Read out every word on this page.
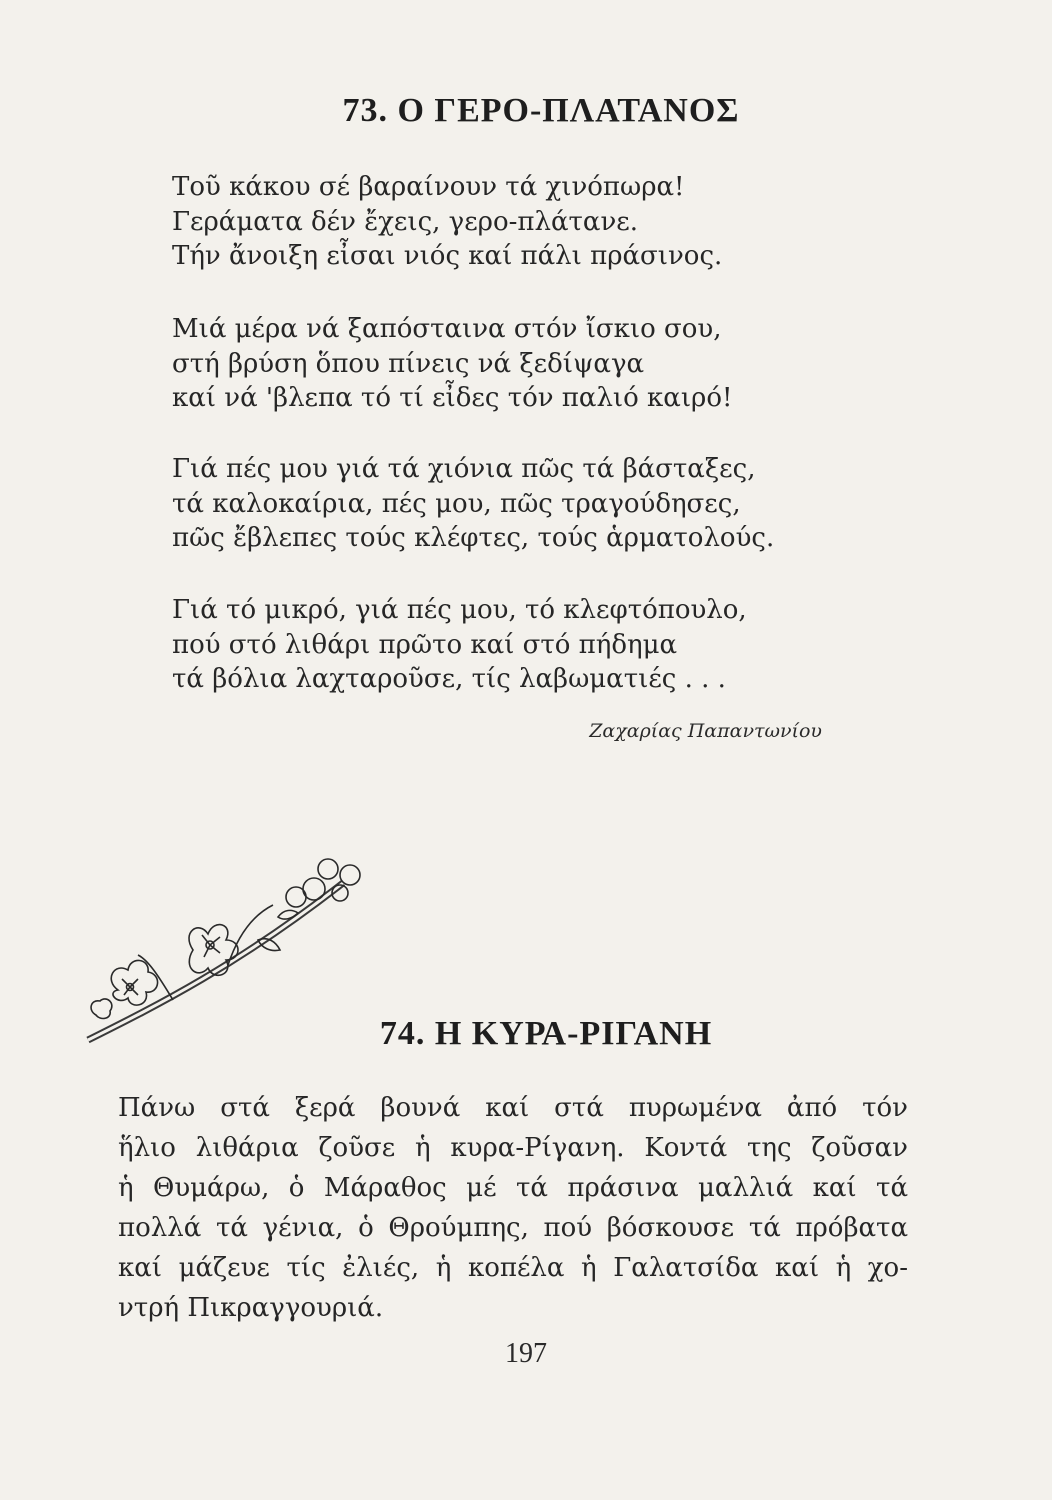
73. Ο ΓΕΡΟ-ΠΛΑΤΑΝΟΣ
Τοῦ κάκου σέ βαραίνουν τά χινόπωρα!
Γεράματα δέν ἔχεις, γερο-πλάτανε.
Τήν ἄνοιξη εἶσαι νιός καί πάλι πράσινος.
Μιά μέρα νά ξαπόσταινα στόν ἴσκιο σου,
στή βρύση ὅπου πίνεις νά ξεδίψαγα
καί νά 'βλεπα τό τί εἶδες τόν παλιό καιρό!
Γιά πές μου γιά τά χιόνια πῶς τά βάσταξες,
τά καλοκαίρια, πές μου, πῶς τραγούδησες,
πῶς ἔβλεπες τούς κλέφτες, τούς ἁρματολούς.
Γιά τό μικρό, γιά πές μου, τό κλεφτόπουλο,
πού στό λιθάρι πρῶτο καί στό πήδημα
τά βόλια λαχταροῦσε, τίς λαβωματιές . . .
Ζαχαρίας Παπαντωνίου
74. Η ΚΥΡΑ-ΡΙΓΑΝΗ
Πάνω στά ξερά βουνά καί στά πυρωμένα ἀπό τόν
ἥλιο λιθάρια ζοῦσε ἡ κυρα-Ρίγανη. Κοντά της ζοῦσαν
ἡ Θυμάρω, ὁ Μάραθος μέ τά πράσινα μαλλιά καί τά
πολλά τά γένια, ὁ Θρούμπης, πού βόσκουσε τά πρόβατα
καί μάζευε τίς ἐλιές, ἡ κοπέλα ἡ Γαλατσίδα καί ἡ χο-
ντρή Πικραγγουριά.
197
